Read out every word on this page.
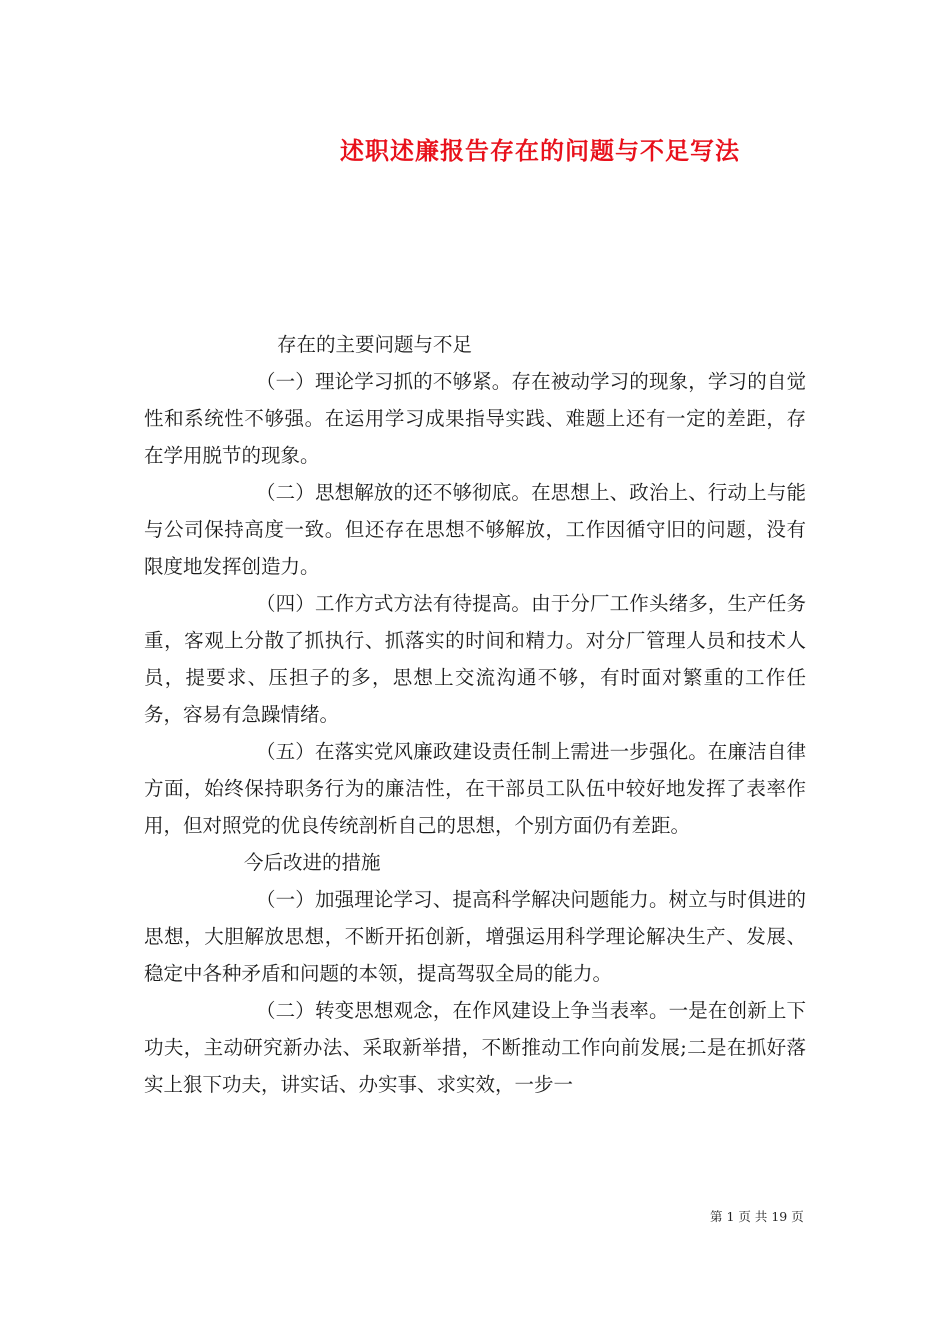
述职述廉报告存在的问题与不足写法

存在的主要问题与不足

（一）理论学习抓的不够紧。存在被动学习的现象，学习的自觉性和系统性不够强。在运用学习成果指导实践、难题上还有一定的差距，存在学用脱节的现象。

（二）思想解放的还不够彻底。在思想上、政治上、行动上与能与公司保持高度一致。但还存在思想不够解放，工作因循守旧的问题，没有限度地发挥创造力。

（四）工作方式方法有待提高。由于分厂工作头绪多，生产任务重，客观上分散了抓执行、抓落实的时间和精力。对分厂管理人员和技术人员，提要求、压担子的多，思想上交流沟通不够，有时面对繁重的工作任务，容易有急躁情绪。

（五）在落实党风廉政建设责任制上需进一步强化。在廉洁自律方面，始终保持职务行为的廉洁性，在干部员工队伍中较好地发挥了表率作用，但对照党的优良传统剖析自己的思想，个别方面仍有差距。

今后改进的措施

（一）加强理论学习、提高科学解决问题能力。树立与时俱进的思想，大胆解放思想，不断开拓创新，增强运用科学理论解决生产、发展、稳定中各种矛盾和问题的本领，提高驾驭全局的能力。

（二）转变思想观念，在作风建设上争当表率。一是在创新上下功夫，主动研究新办法、采取新举措，不断推动工作向前发展;二是在抓好落实上狠下功夫，讲实话、办实事、求实效，一步一

第 1 页 共 19 页
